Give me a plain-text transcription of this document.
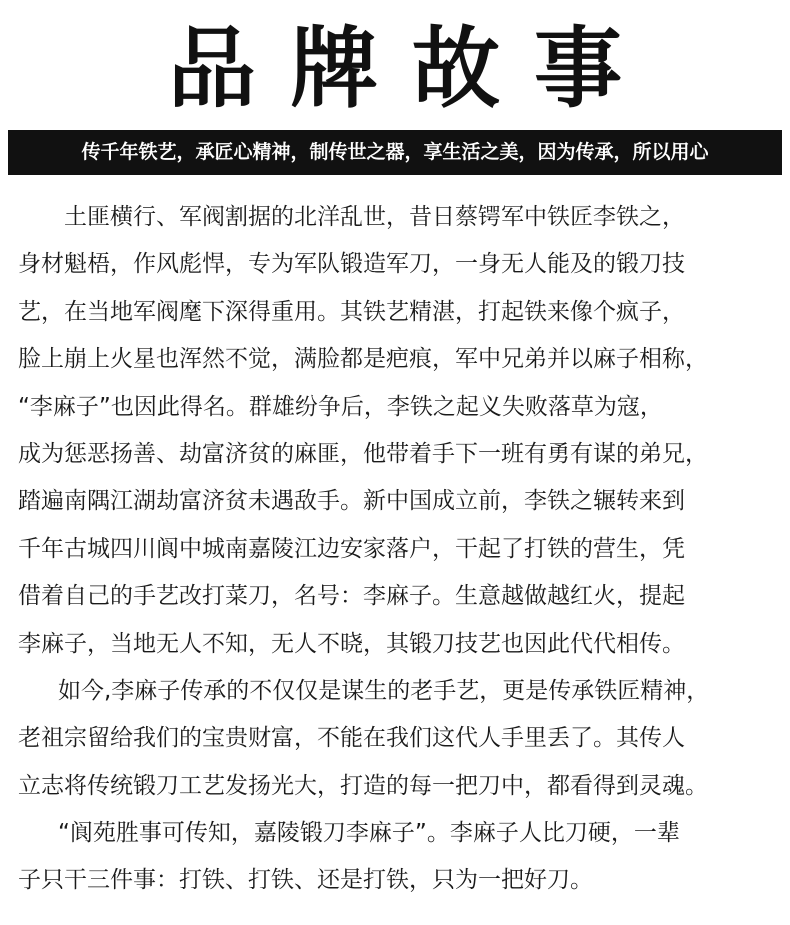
品牌故事
传千年铁艺，承匠心精神，制传世之器，享生活之美，因为传承，所以用心
土匪横行、军阀割据的北洋乱世，昔日蔡锷军中铁匠李铁之，
身材魁梧，作风彪悍，专为军队锻造军刀，一身无人能及的锻刀技
艺，在当地军阀麾下深得重用。其铁艺精湛，打起铁来像个疯子，
脸上崩上火星也浑然不觉，满脸都是疤痕，军中兄弟并以麻子相称，
“李麻子”也因此得名。群雄纷争后，李铁之起义失败落草为寇，
成为惩恶扬善、劫富济贫的麻匪，他带着手下一班有勇有谋的弟兄，
踏遍南隅江湖劫富济贫未遇敌手。新中国成立前，李铁之辗转来到
千年古城四川阆中城南嘉陵江边安家落户，干起了打铁的营生，凭
借着自己的手艺改打菜刀，名号：李麻子。生意越做越红火，提起
李麻子，当地无人不知，无人不晓，其锻刀技艺也因此代代相传。
如今,李麻子传承的不仅仅是谋生的老手艺，更是传承铁匠精神，
老祖宗留给我们的宝贵财富，不能在我们这代人手里丢了。其传人
立志将传统锻刀工艺发扬光大，打造的每一把刀中，都看得到灵魂。
“阆苑胜事可传知，嘉陵锻刀李麻子”。李麻子人比刀硬，一辈
子只干三件事：打铁、打铁、还是打铁，只为一把好刀。
